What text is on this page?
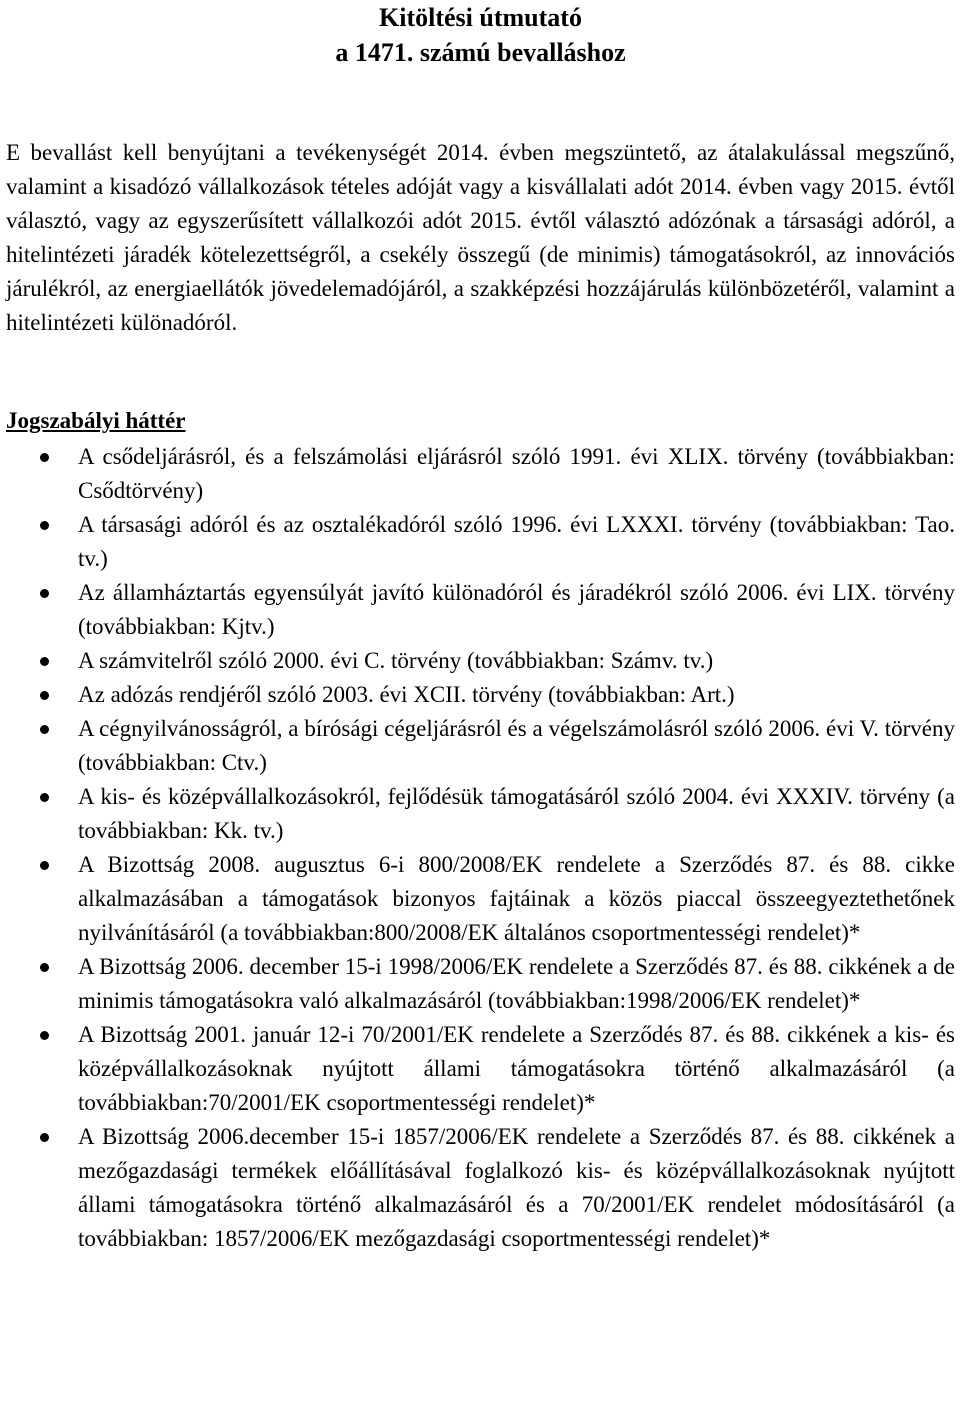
Kitöltési útmutató
a 1471. számú bevalláshoz

E bevallást kell benyújtani a tevékenységét 2014. évben megszüntető, az átalakulással megszűnő, valamint a kisadózó vállalkozások tételes adóját vagy a kisvállalati adót 2014. évben vagy 2015. évtől választó, vagy az egyszerűsített vállalkozói adót 2015. évtől választó adózónak a társasági adóról, a hitelintézeti járadék kötelezettségről, a csekély összegű (de minimis) támogatásokról, az innovációs járulékról, az energiaellátók jövedelemadójáról, a szakképzési hozzájárulás különbözetéről, valamint a hitelintézeti különadóról.

Jogszabályi háttér
A csődeljárásról, és a felszámolási eljárásról szóló 1991. évi XLIX. törvény (továbbiakban: Csődtörvény)
A társasági adóról és az osztalékadóról szóló 1996. évi LXXXI. törvény (továbbiakban: Tao. tv.)
Az államháztartás egyensúlyát javító különadóról és járadékról szóló 2006. évi LIX. törvény (továbbiakban: Kjtv.)
A számvitelről szóló 2000. évi C. törvény (továbbiakban: Számv. tv.)
Az adózás rendjéről szóló 2003. évi XCII. törvény (továbbiakban: Art.)
A cégnyilvánosságról, a bírósági cégeljárásról és a végelszámolásról szóló 2006. évi V. törvény (továbbiakban: Ctv.)
A kis- és középvállalkozásokról, fejlődésük támogatásáról szóló 2004. évi XXXIV. törvény (a továbbiakban: Kk. tv.)
A Bizottság 2008. augusztus 6-i 800/2008/EK rendelete a Szerződés 87. és 88. cikke alkalmazásában a támogatások bizonyos fajtáinak a közös piaccal összeegyeztethetőnek nyilvánításáról (a továbbiakban:800/2008/EK általános csoportmentességi rendelet)*
A Bizottság 2006. december 15-i 1998/2006/EK rendelete a Szerződés 87. és 88. cikkének a de minimis támogatásokra való alkalmazásáról (továbbiakban:1998/2006/EK rendelet)*
A Bizottság 2001. január 12-i 70/2001/EK rendelete a Szerződés 87. és 88. cikkének a kis- és középvállalkozásoknak nyújtott állami támogatásokra történő alkalmazásáról (a továbbiakban:70/2001/EK csoportmentességi rendelet)*
A Bizottság 2006.december 15-i 1857/2006/EK rendelete a Szerződés 87. és 88. cikkének a mezőgazdasági termékek előállításával foglalkozó kis- és középvállalkozásoknak nyújtott állami támogatásokra történő alkalmazásáról és a 70/2001/EK rendelet módosításáról (a továbbiakban: 1857/2006/EK mezőgazdasági csoportmentességi rendelet)*
